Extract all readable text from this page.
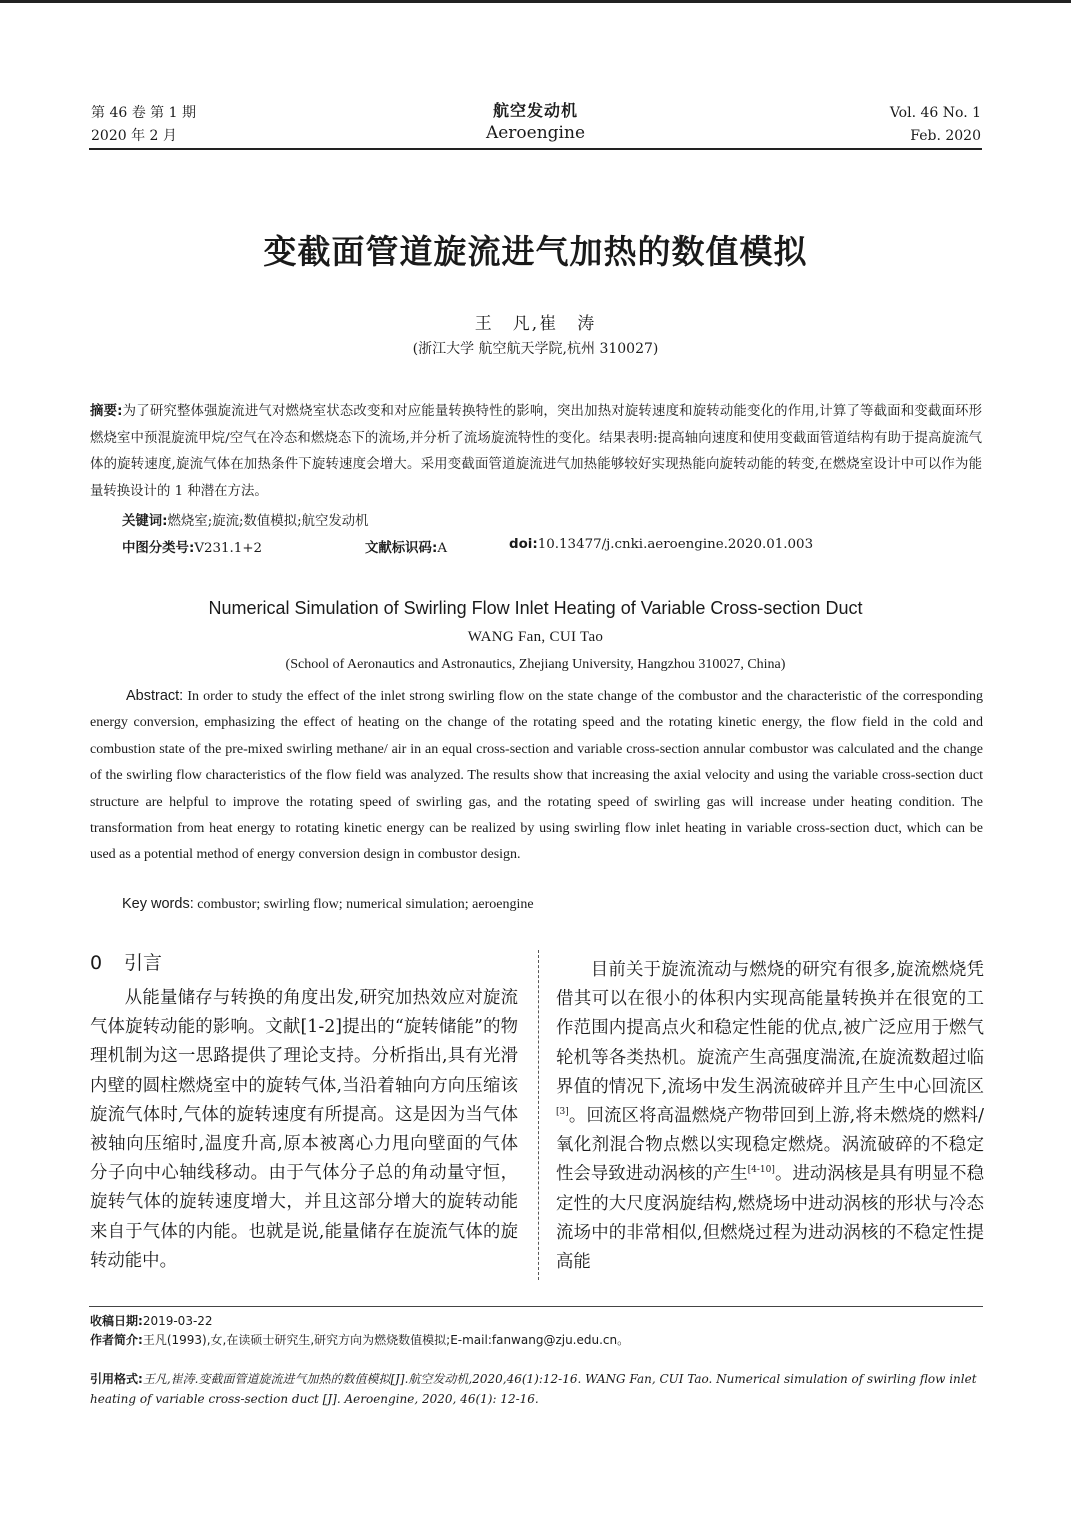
第 46 卷 第 1 期
2020 年 2 月
航空发动机
Aeroengine
Vol. 46 No. 1
Feb. 2020
变截面管道旋流进气加热的数值模拟
王　凡,崔　涛
(浙江大学 航空航天学院,杭州 310027)
摘要:为了研究整体强旋流进气对燃烧室状态改变和对应能量转换特性的影响，突出加热对旋转速度和旋转动能变化的作用,计算了等截面和变截面环形燃烧室中预混旋流甲烷/空气在冷态和燃烧态下的流场,并分析了流场旋流特性的变化。结果表明:提高轴向速度和使用变截面管道结构有助于提高旋流气体的旋转速度,旋流气体在加热条件下旋转速度会增大。采用变截面管道旋流进气加热能够较好实现热能向旋转动能的转变,在燃烧室设计中可以作为能量转换设计的 1 种潜在方法。
关键词:燃烧室;旋流;数值模拟;航空发动机
中图分类号:V231.1+2	文献标识码:A	doi:10.13477/j.cnki.aeroengine.2020.01.003
Numerical Simulation of Swirling Flow Inlet Heating of Variable Cross-section Duct
WANG Fan, CUI Tao
(School of Aeronautics and Astronautics, Zhejiang University, Hangzhou 310027, China)
Abstract: In order to study the effect of the inlet strong swirling flow on the state change of the combustor and the characteristic of the corresponding energy conversion, emphasizing the effect of heating on the change of the rotating speed and the rotating kinetic energy, the flow field in the cold and combustion state of the pre-mixed swirling methane/ air in an equal cross-section and variable cross-section annular combustor was calculated and the change of the swirling flow characteristics of the flow field was analyzed. The results show that increasing the axial velocity and using the variable cross-section duct structure are helpful to improve the rotating speed of swirling gas, and the rotating speed of swirling gas will increase under heating condition. The transformation from heat energy to rotating kinetic energy can be realized by using swirling flow inlet heating in variable cross-section duct, which can be used as a potential method of energy conversion design in combustor design.
Key words: combustor; swirling flow; numerical simulation; aeroengine
0 引言

从能量储存与转换的角度出发,研究加热效应对旋流气体旋转动能的影响。文献[1-2]提出的“旋转储能”的物理机制为这一思路提供了理论支持。分析指出,具有光滑内壁的圆柱燃烧室中的旋转气体,当沿着轴向方向压缩该旋流气体时,气体的旋转速度有所提高。这是因为当气体被轴向压缩时,温度升高,原本被离心力甩向壁面的气体分子向中心轴线移动。由于气体分子总的角动量守恒，旋转气体的旋转速度增大，并且这部分增大的旋转动能来自于气体的内能。也就是说,能量储存在旋流气体的旋转动能中。

目前关于旋流流动与燃烧的研究有很多,旋流燃烧凭借其可以在很小的体积内实现高能量转换并在很宽的工作范围内提高点火和稳定性能的优点,被广泛应用于燃气轮机等各类热机。旋流产生高强度湍流,在旋流数超过临界值的情况下,流场中发生涡流破碎并且产生中心回流区[3]。回流区将高温燃烧产物带回到上游,将未燃烧的燃料/氧化剂混合物点燃以实现稳定燃烧。涡流破碎的不稳定性会导致进动涡核的产生[4-10]。进动涡核是具有明显不稳定性的大尺度涡旋结构,燃烧场中进动涡核的形状与冷态流场中的非常相似,但燃烧过程为进动涡核的不稳定性提高能

收稿日期:2019-03-22
作者简介:王凡(1993),女,在读硕士研究生,研究方向为燃烧数值模拟;E-mail:fanwang@zju.edu.cn。
引用格式:王凡,崔涛.变截面管道旋流进气加热的数值模拟[J].航空发动机,2020,46(1):12-16. WANG Fan, CUI Tao. Numerical simulation of swirling flow inlet heating of variable cross-section duct [J]. Aeroengine, 2020, 46(1): 12-16.
